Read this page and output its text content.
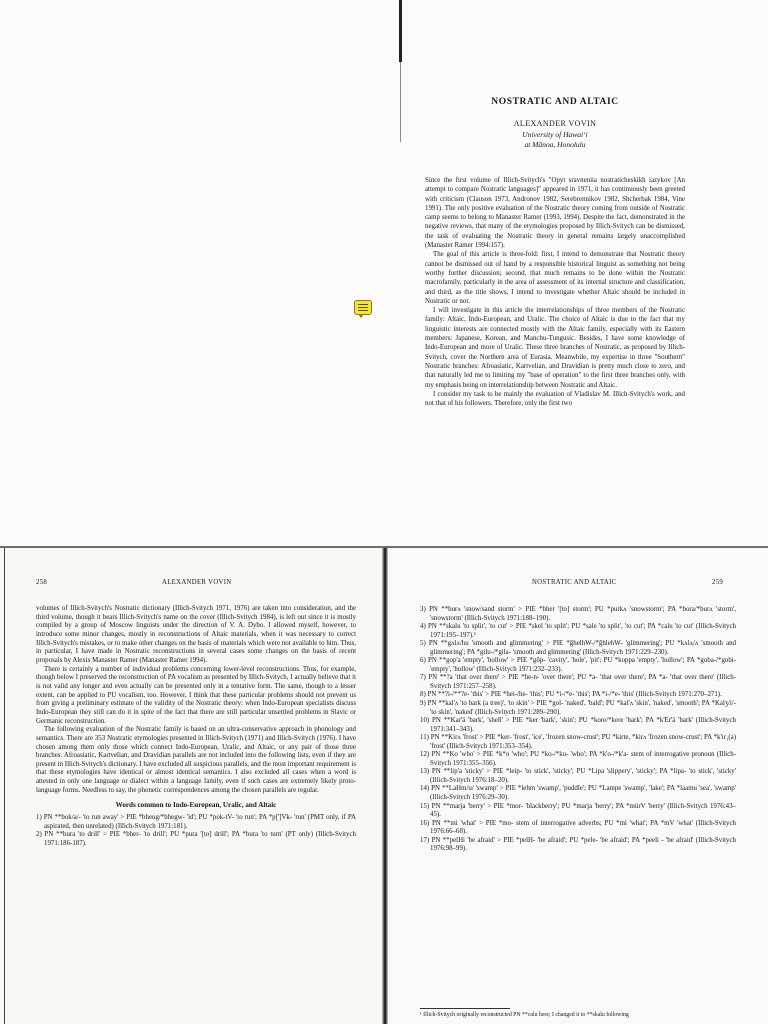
NOSTRATIC AND ALTAIC
ALEXANDER VOVIN
University of Hawai‘i
at Mānoa, Honolulu

Since the first volume of Illich-Svitych's "Opyt sravneniia nostraticheskikh iazykov [An attempt to compare Nostratic languages]" appeared in 1971, it has continuously been greeted with criticism (Clauson 1973, Andronov 1982, Serebrennikov 1982, Shcherbak 1984, Vine 1991). The only positive evaluation of the Nostratic theory coming from outside of Nostratic camp seems to belong to Manaster Ramer (1993, 1994). Despite the fact, demonstrated in the negative reviews, that many of the etymologies proposed by Illich-Svitych can be dismissed, the task of evaluating the Nostratic theory in general remains largely unaccomplished (Manaster Ramer 1994:157).

The goal of this article is three-fold: first, I intend to demonstrate that Nostratic theory cannot be dismissed out of hand by a responsible historical linguist as something not being worthy further discussion; second, that much remains to be done within the Nostratic macrofamily, particularly in the area of assessment of its internal structure and classification, and third, as the title shows, I intend to investigate whether Altaic should be included in Nostratic or not.

I will investigate in this article the interrelationships of three members of the Nostratic family: Altaic, Indo-European, and Uralic. The choice of Altaic is due to the fact that my linguistic interests are connected mostly with the Altaic family, especially with its Eastern members: Japanese, Korean, and Manchu-Tungusic. Besides, I have some knowledge of Indo-European and more of Uralic. These three branches of Nostratic, as proposed by Illich-Svitych, cover the Northern area of Eurasia. Meanwhile, my expertise in three "Southern" Nostratic branches: Afroasiatic, Kartvelian, and Dravidian is pretty much close to zero, and that naturally led me to limiting my "base of operation" to the first three branches only, with my emphasis being on interrelationship between Nostratic and Altaic.

I consider my task to be mainly the evaluation of Vladislav M. Illich-Svitych's work, and not that of his followers. Therefore, only the first two

258	ALEXANDER VOVIN

volumes of Illich-Svitych's Nostratic dictionary (Illich-Svitych 1971, 1976) are taken into consideration, and the third volume, though it bears Illich-Svitych's name on the cover (Illich-Svitych 1984), is left out since it is mostly compiled by a group of Moscow linguists under the direction of V. A. Dybo. I allowed myself, however, to introduce some minor changes, mostly in reconstructions of Altaic materials, when it was necessary to correct Illich-Svitych's mistakes, or to make other changes on the basis of materials which were not available to him. Thus, in particular, I have made in Nostratic reconstructions in several cases some changes on the basis of recent proposals by Alexis Manaster Ramer (Manaster Ramer 1994).

There is certainly a number of individual problems concerning lower-level reconstructions. Thus, for example, though below I preserved the reconstruction of PA vocalism as presented by Illich-Svitych, I actually believe that it is not valid any longer and even actually can be presented only in a tentative form. The same, though to a lesser extent, can be applied to PU vocalism, too. However, I think that these particular problems should not prevent us from giving a preliminary estimate of the validity of the Nostratic theory: when Indo-European specialists discuss Indo-European they still can do it in spite of the fact that there are still particular unsettled problems in Slavic or Germanic reconstruction.

The following evaluation of the Nostratic family is based on an ultra-conservative approach in phonology and semantics. There are 353 Nostratic etymologies presented in Illich-Svitych (1971) and Illich-Svitych (1976). I have chosen among them only those which connect Indo-European, Uralic, and Altaic, or any pair of those three branches. Afroasiatic, Kartvelian, and Dravidian parallels are not included into the following lists, even if they are present in Illich-Svitych's dictionary. I have excluded all suspicious parallels, and the most important requirement is that these etymologies have identical or almost identical semantics. I also excluded all cases when a word is attested in only one language or dialect within a language family, even if such cases are extremely likely proto-language forms. Needless to say, the phonetic correspondences among the chosen parallels are regular.

Words common to Indo-European, Uralic, and Altaic

1) PN **bok/a/- 'to run away' > PIE *bheug/*bhegw- 'id'; PU *pok-tV- 'to run'; PA *p[']Vk- 'run' (PMT only, if PA aspirated, then unrelated) (Illich-Svitych 1971:181).

2) PN **bura 'to drill' > PIE *bher- 'to drill'; PU *pura '[to] drill'; PA *bura 'to turn' (PT only) (Illich-Svitych 1971:186-187).

NOSTRATIC AND ALTAIC	259

3) PN **burʌ 'snow/sand storm' > PIE *bher '[to] storm'; PU *purkʌ 'snowstorm'; PA *bora/*burʌ 'storm', 'snowstorm' (Illich-Svitych 1971:188–190).

4) PN **skalu 'to split', 'to cut' > PIE *skel 'to split'; PU *sale 'to split', 'to cut'; PA *calu 'to cut' (Illich-Svitych 1971:195–197).¹

5) PN **gʌlʌ/hu 'smooth and glimmering' > PIE *ĝhelhW-/*ĝhlehW- 'glimmering'; PU *kʌlʌ/ʌ 'smooth and glimmering'; PA *gilu-/*gila- 'smooth and glimmering' (Illich-Svitych 1971:229–230).

6) PN **gop'a 'empty', 'hollow' > PIE *gŏp- 'cavity', 'hole', 'pit'; PU *koppa 'empty', 'hollow'; PA *goba-/*gobi- 'empty', 'hollow' (Illich-Svitych 1971:232–233).

7) PN **?a 'that over there' > PIE *he-n- 'over there'; PU *a- 'that over there'; PA *a- 'that over there' (Illich-Svitych 1971:257–258).

8) PN **?i-/**?e- 'this' > PIE *hei-/he- 'this'; PU *i-/*e- 'this'; PA *i-/*e- 'this' (Illich-Svitych 1971:270–271).

9) PN **kal'ʌ 'to bark (a tree)', 'to skin' > PIE *gol- 'naked', 'bald'; PU *kal'ʌ 'skin', 'naked', 'smooth'; PA *Kalʒ/i/- 'to skin', 'naked' (Illich-Svitych 1971:289–290).

10) PN **Kar'ä 'bark', 'shell' > PIE *ker 'bark', 'skin'; PU *kore/*kere 'bark'; PA *k'Er'ä 'bark' (Illich-Svitych 1971:341–343).

11) PN **Kirʌ 'frost' > PIE *ker- 'frost', 'ice', 'frozen snow-crust'; PU *kirte, *kirʌ 'frozen snow-crust'; PA *k'ir₁(a) 'frost' (Illich-Svitych 1971:353–354).

12) PN **Ko 'who' > PIE *k*o 'who'; PU *ko-/*ku- 'who'; PA *k'o-/*k'a- stem of interrogative pronoun (Illich-Svitych 1971:355–356).

13) PN **lip'a 'sticky' > PIE *leip- 'to stick', 'sticky'; PU *Lipa 'slippery', 'sticky'; PA *lipa- 'to stick', 'sticky' (Illich-Svitych 1976:18–20).

14) PN **LaHm/u/ 'swamp' > PIE *lehm 'swamp', 'puddle'; PU *Lampe 'swamp', 'lake'; PA *laamu 'sea', 'swamp' (Illich-Svitych 1976:29–30).

15) PN **marja 'berry' > PIE *mor- 'blackberry'; PU *marja 'berry'; PA *mürV 'berry' (Illich-Svitych 1976:43–45).

16) PN **mi 'what' > PIE *mo- stem of interrogative adverbs; PU *mi 'what'; PA *mV 'what' (Illich-Svitych 1976:66–68).

17) PN **pelHi 'be afraid' > PIE *pelH- 'be afraid'; PU *pele- 'be afraid'; PA *peeli - 'be afraid' (Illich-Svitych 1976:98–99).

¹ Illich-Svitych originally reconstructed PN **calu here; I changed it to **skalu following
